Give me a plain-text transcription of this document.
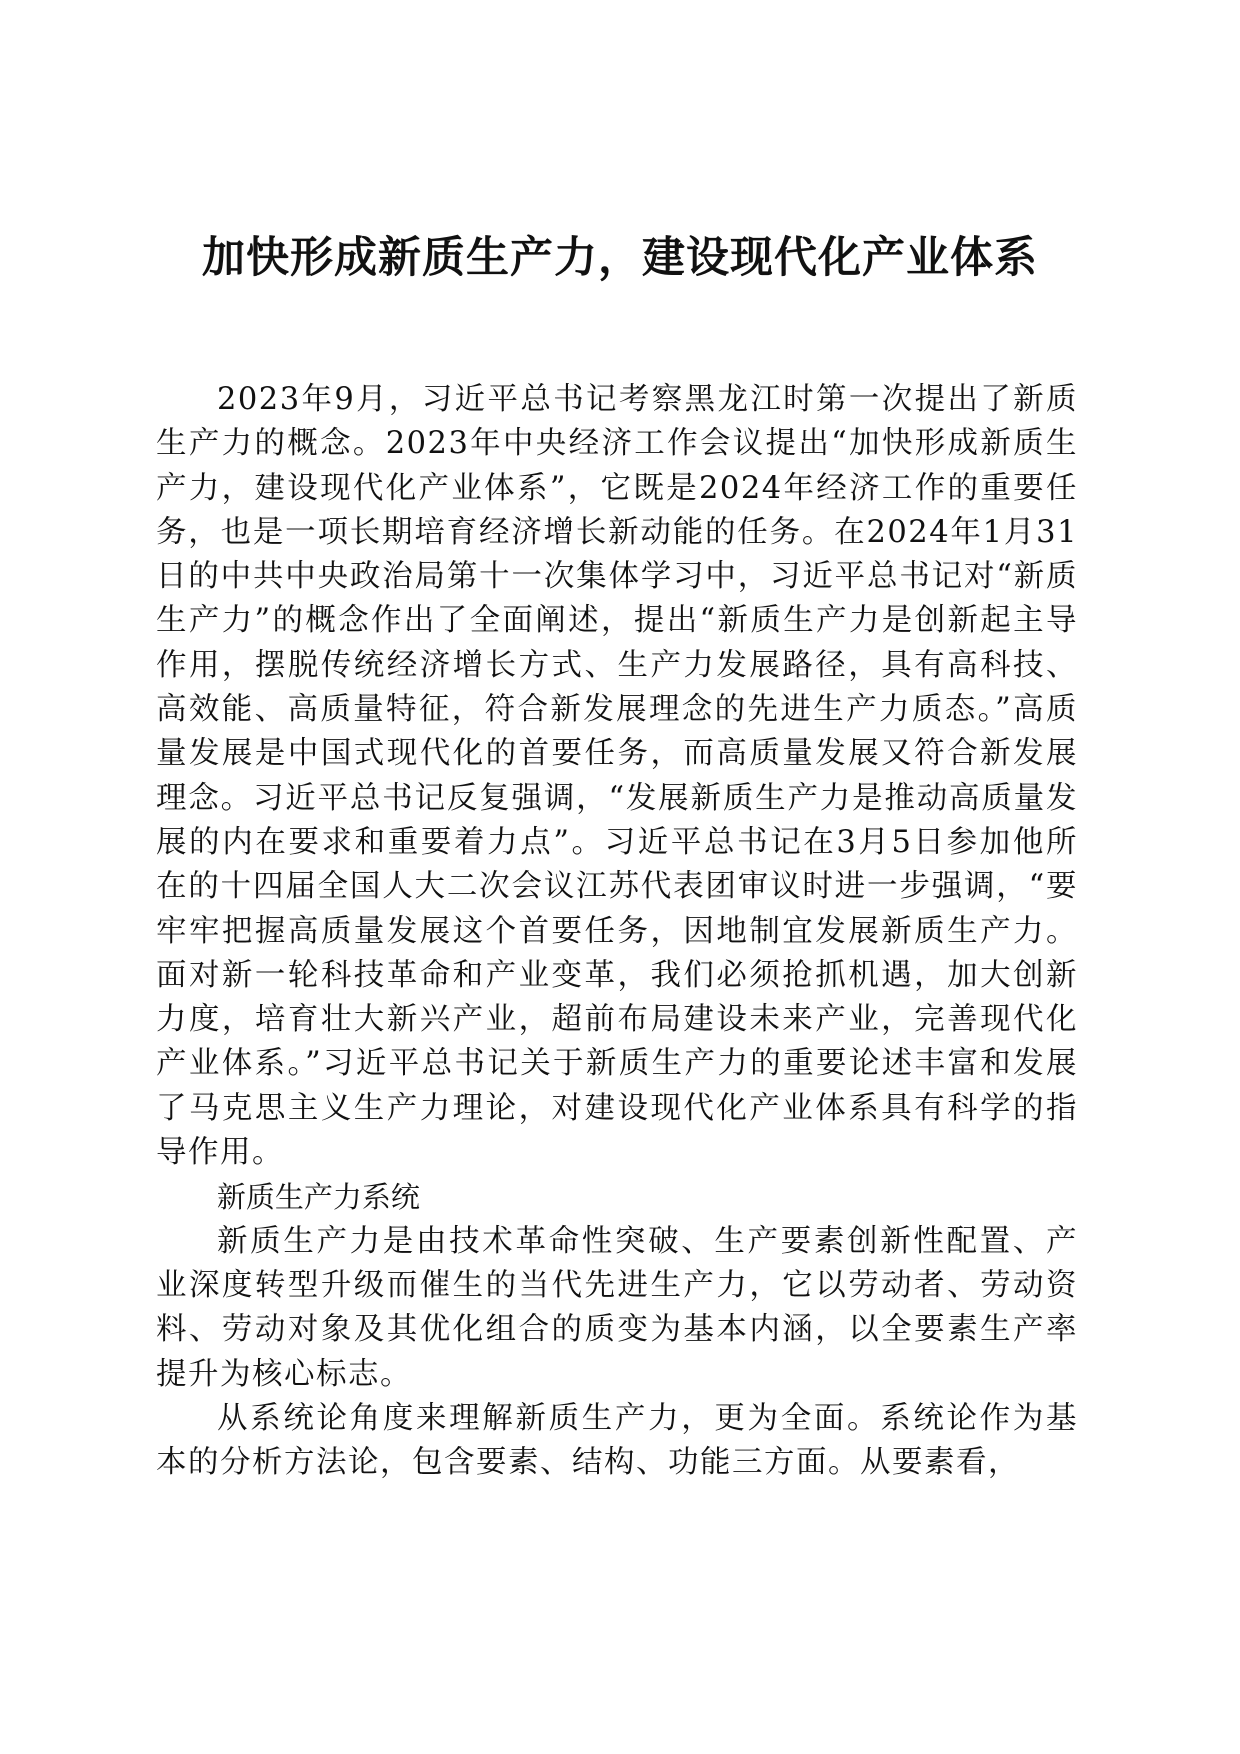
加快形成新质生产力，建设现代化产业体系

2023年9月，习近平总书记考察黑龙江时第一次提出了新质生产力的概念。2023年中央经济工作会议提出“加快形成新质生产力，建设现代化产业体系”，它既是2024年经济工作的重要任务，也是一项长期培育经济增长新动能的任务。在2024年1月31日的中共中央政治局第十一次集体学习中，习近平总书记对“新质生产力”的概念作出了全面阐述，提出“新质生产力是创新起主导作用，摆脱传统经济增长方式、生产力发展路径，具有高科技、高效能、高质量特征，符合新发展理念的先进生产力质态。”高质量发展是中国式现代化的首要任务，而高质量发展又符合新发展理念。习近平总书记反复强调，“发展新质生产力是推动高质量发展的内在要求和重要着力点”。习近平总书记在3月5日参加他所在的十四届全国人大二次会议江苏代表团审议时进一步强调，“要牢牢把握高质量发展这个首要任务，因地制宜发展新质生产力。面对新一轮科技革命和产业变革，我们必须抢抓机遇，加大创新力度，培育壮大新兴产业，超前布局建设未来产业，完善现代化产业体系。”习近平总书记关于新质生产力的重要论述丰富和发展了马克思主义生产力理论，对建设现代化产业体系具有科学的指导作用。

新质生产力系统

新质生产力是由技术革命性突破、生产要素创新性配置、产业深度转型升级而催生的当代先进生产力，它以劳动者、劳动资料、劳动对象及其优化组合的质变为基本内涵，以全要素生产率提升为核心标志。

从系统论角度来理解新质生产力，更为全面。系统论作为基本的分析方法论，包含要素、结构、功能三方面。从要素看，
